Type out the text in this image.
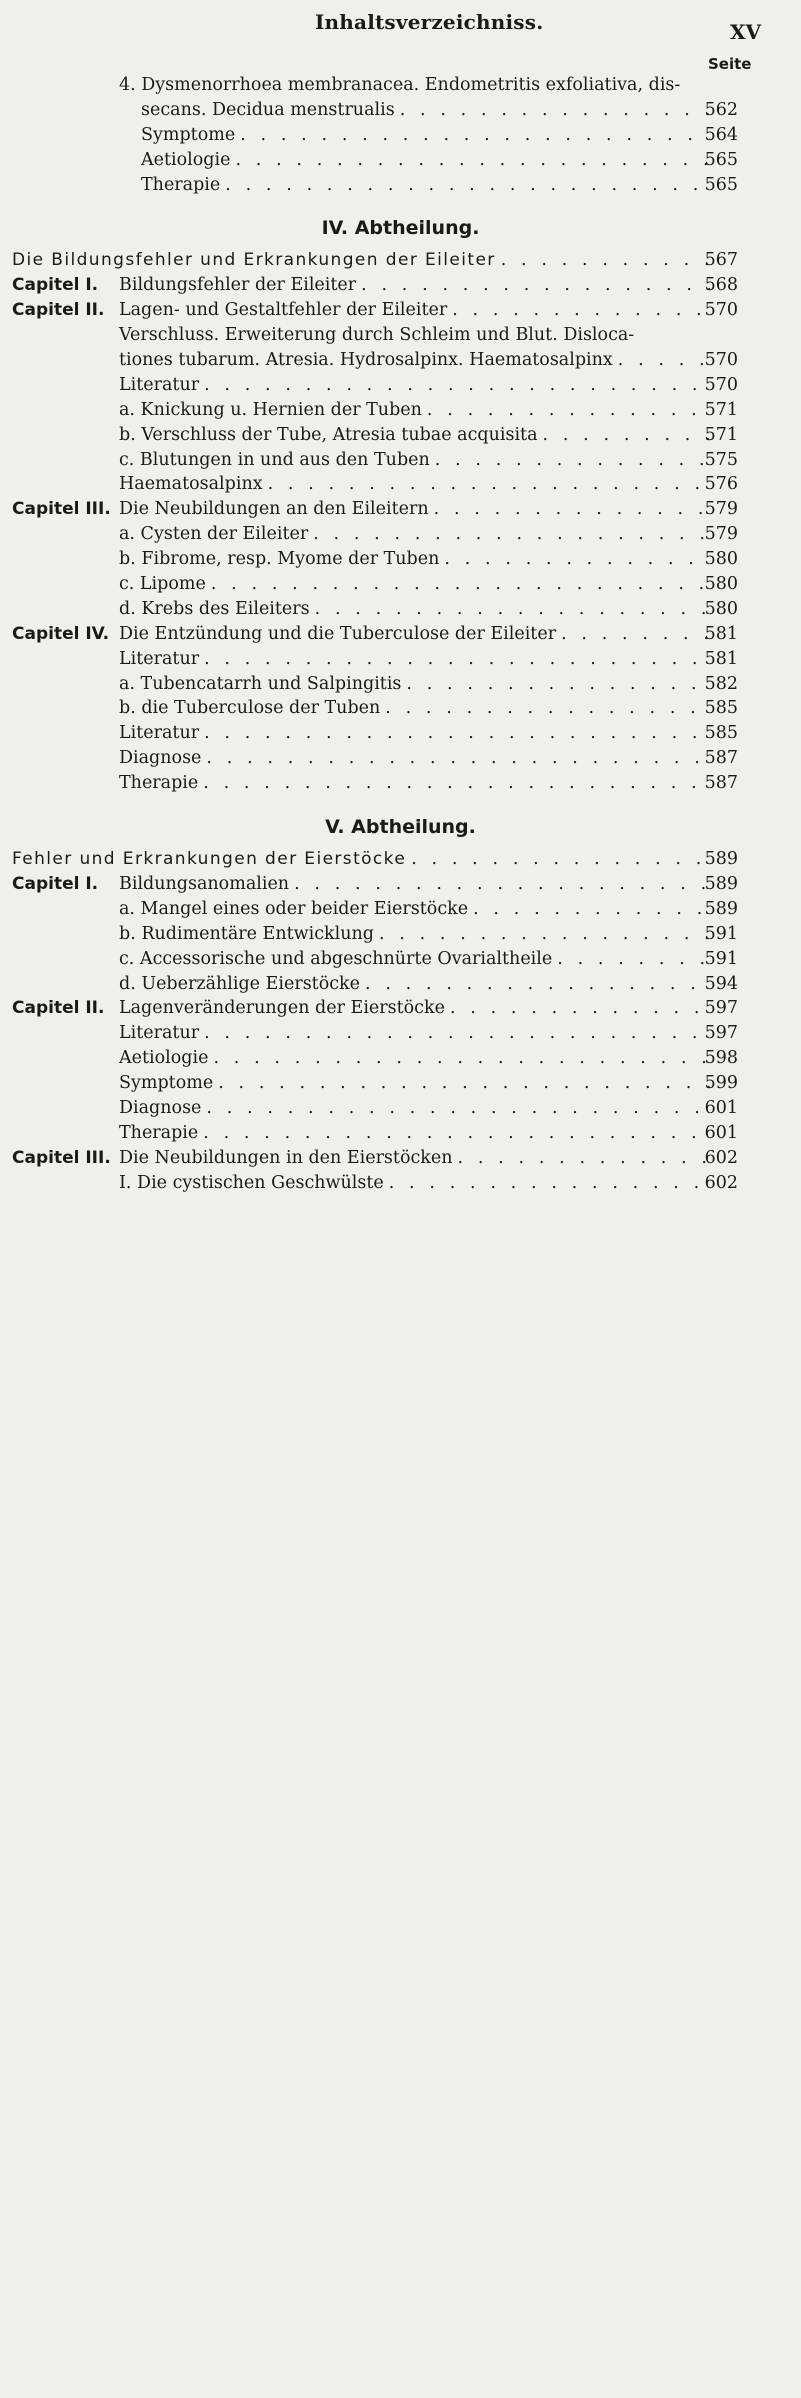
Inhaltsverzeichniss.	XV
Seite
4. Dysmenorrhoea membranacea. Endometritis exfoliativa, dis-
secans. Decidua menstrualis . . .	562
Symptome . . .	564
Aetiologie . . .	565
Therapie . . .	565
IV. Abtheilung.
Die Bildungsfehler und Erkrankungen der Eileiter . . .	567
Capitel I. Bildungsfehler der Eileiter . . .	568
Capitel II. Lagen- und Gestaltfehler der Eileiter . . .	570
Verschluss. Erweiterung durch Schleim und Blut. Disloca-
tiones tubarum. Atresia. Hydrosalpinx. Haematosalpinx . . .	570
Literatur . . .	570
a. Knickung u. Hernien der Tuben . . .	571
b. Verschluss der Tube, Atresia tubae acquisita . . .	571
c. Blutungen in und aus den Tuben . . .	575
Haematosalpinx . . .	576
Capitel III. Die Neubildungen an den Eileitern . . .	579
a. Cysten der Eileiter . . .	579
b. Fibrome, resp. Myome der Tuben . . .	580
c. Lipome . . .	580
d. Krebs des Eileiters . . .	580
Capitel IV. Die Entzündung und die Tuberculose der Eileiter . . .	581
Literatur . . .	581
a. Tubencatarrh und Salpingitis . . .	582
b. die Tuberculose der Tuben . . .	585
Literatur . . .	585
Diagnose . . .	587
Therapie . . .	587
V. Abtheilung.
Fehler und Erkrankungen der Eierstöcke . . .	589
Capitel I. Bildungsanomalien . . .	589
a. Mangel eines oder beider Eierstöcke . . .	589
b. Rudimentäre Entwicklung . . .	591
c. Accessorische und abgeschnürte Ovarialtheile . . .	591
d. Ueberzählige Eierstöcke . . .	594
Capitel II. Lagenveränderungen der Eierstöcke . . .	597
Literatur . . .	597
Aetiologie . . .	598
Symptome . . .	599
Diagnose . . .	601
Therapie . . .	601
Capitel III. Die Neubildungen in den Eierstöcken . . .	602
I. Die cystischen Geschwülste . . .	602
